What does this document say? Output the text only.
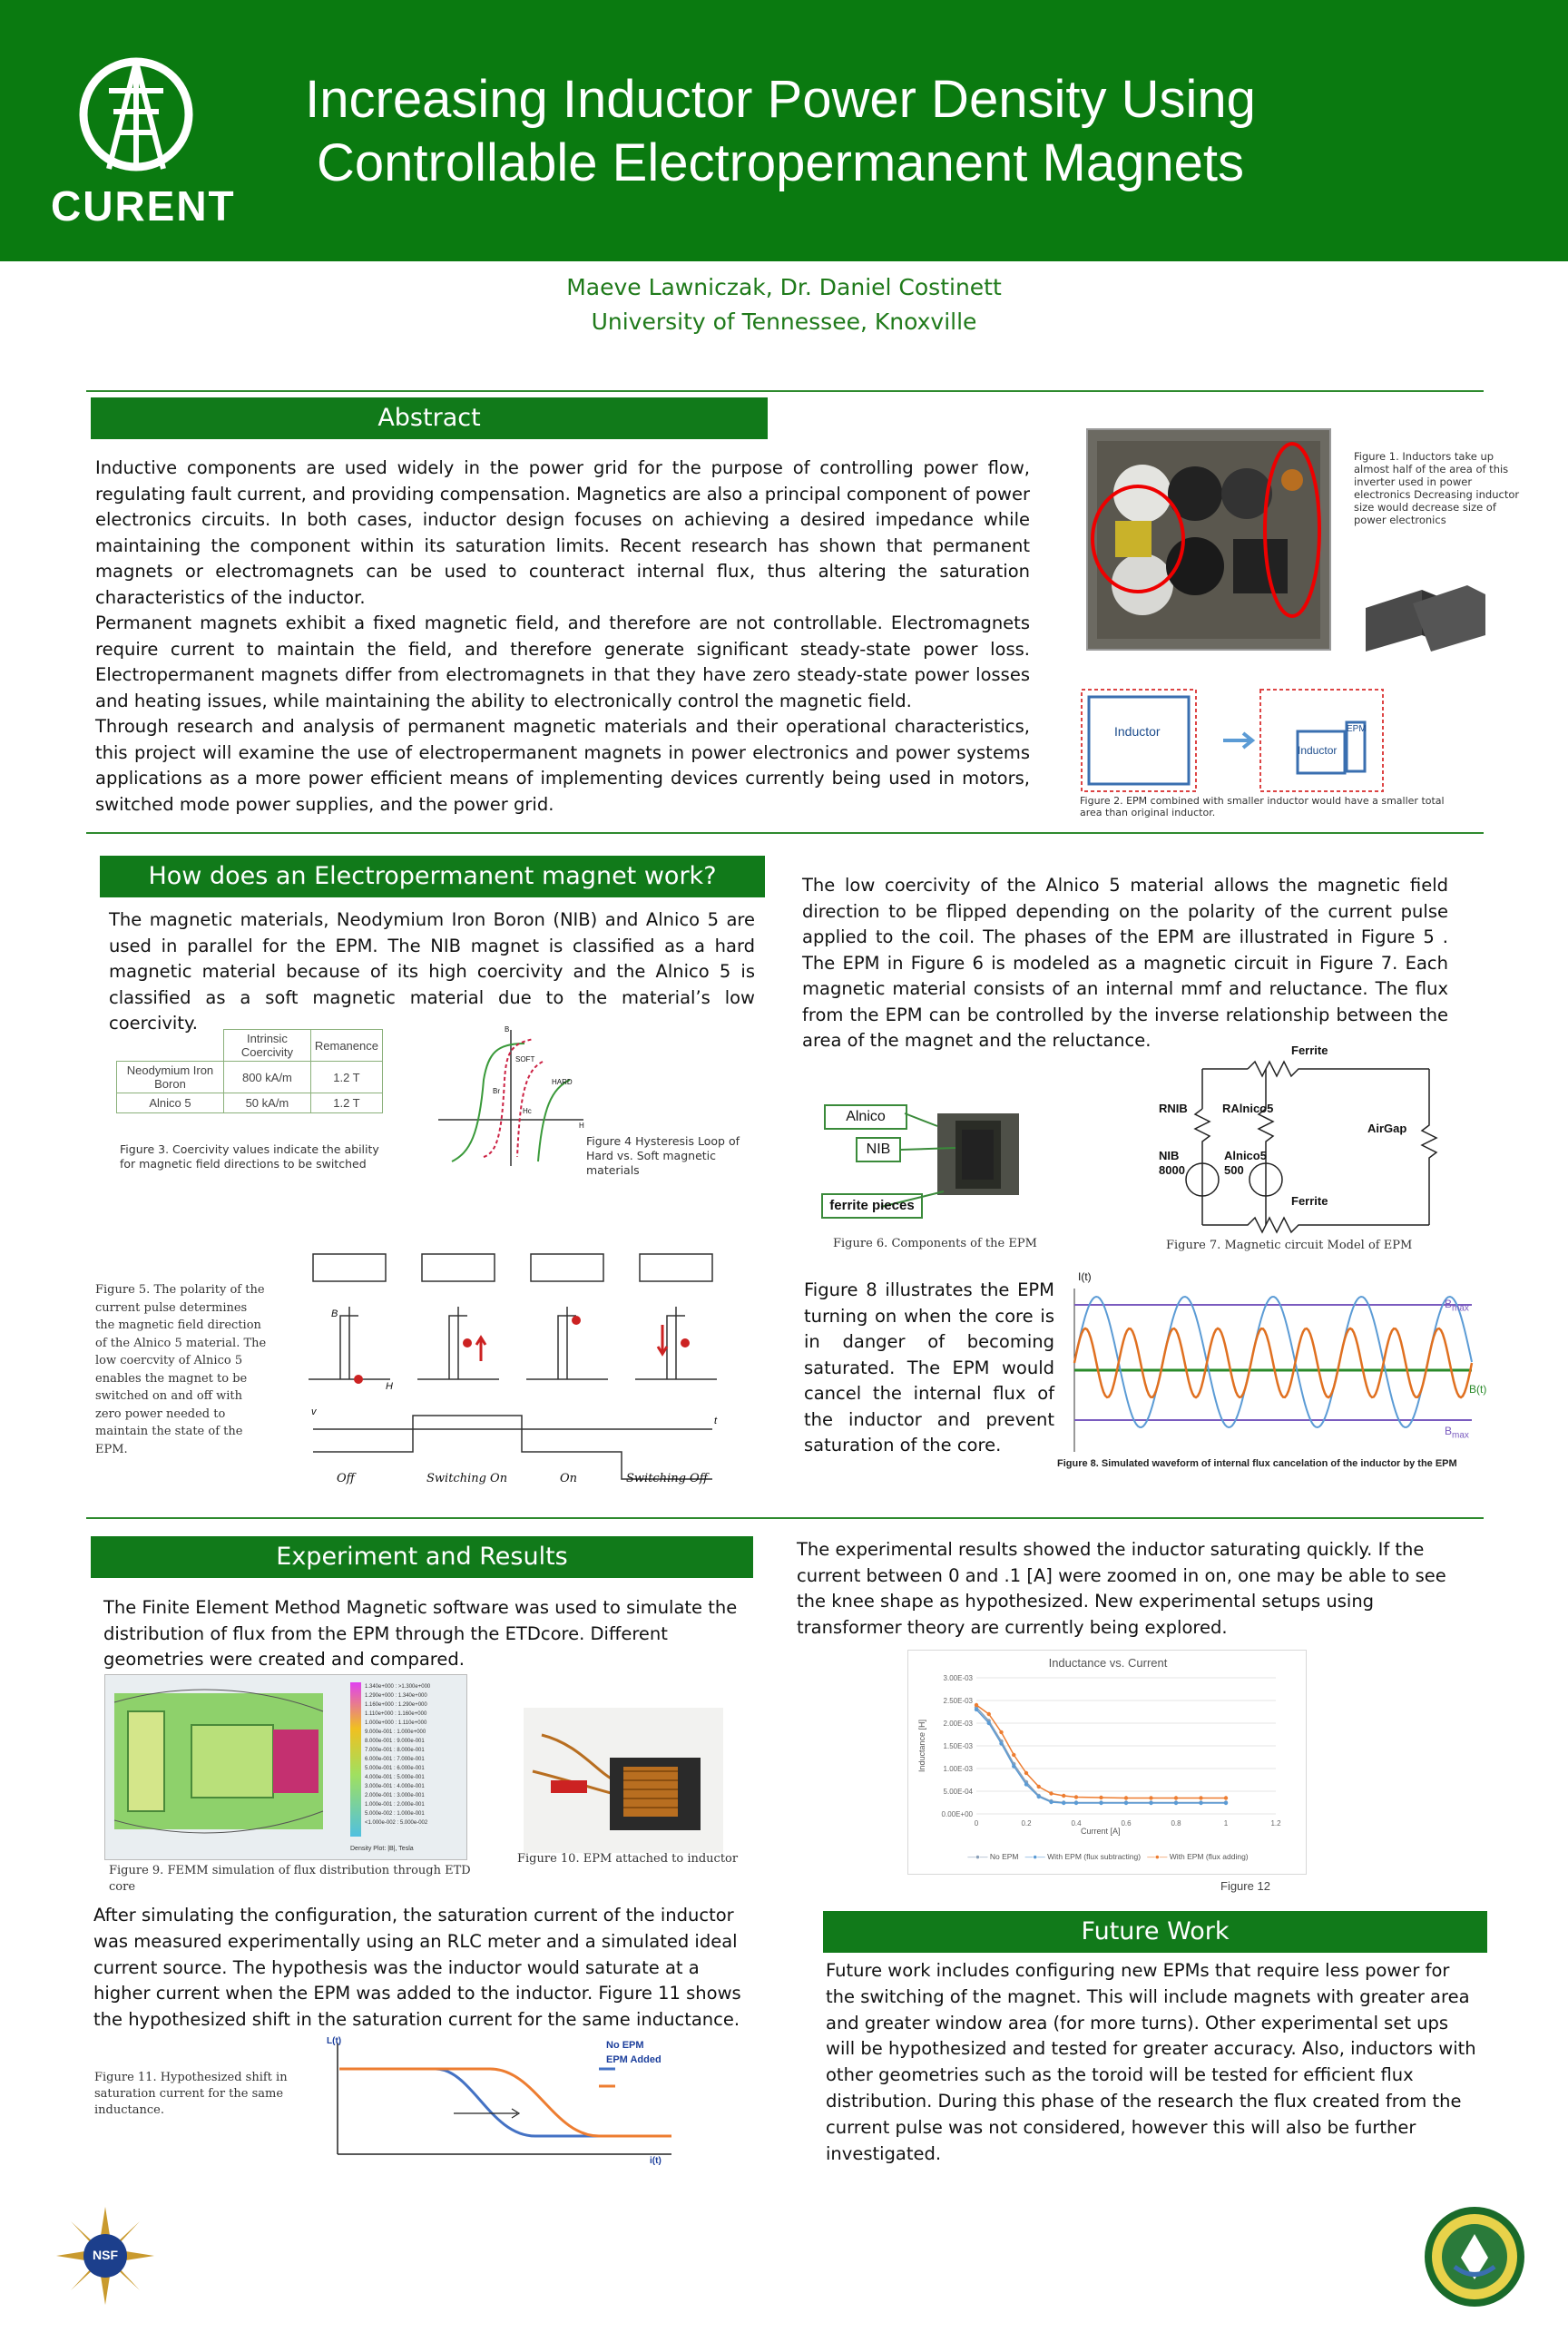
CURENT
Increasing Inductor Power Density Using
Controllable Electropermanent Magnets
Maeve Lawniczak, Dr. Daniel Costinett
University of Tennessee, Knoxville
Abstract
Inductive components are used widely in the power grid for the purpose of controlling power flow, regulating fault current, and providing compensation. Magnetics are also a principal component of power electronics circuits. In both cases, inductor design focuses on achieving a desired impedance while maintaining the component within its saturation limits. Recent research has shown that permanent magnets or electromagnets can be used to counteract internal flux, thus altering the saturation characteristics of the inductor.
Permanent magnets exhibit a fixed magnetic field, and therefore are not controllable. Electromagnets require current to maintain the field, and therefore generate significant steady-state power loss. Electropermanent magnets differ from electromagnets in that they have zero steady-state power losses and heating issues, while maintaining the ability to electronically control the magnetic field.
Through research and analysis of permanent magnetic materials and their operational characteristics, this project will examine the use of electropermanent magnets in power electronics and power systems applications as a more power efficient means of implementing devices currently being used in motors, switched mode power supplies, and the power grid.
Figure 1. Inductors take up almost half of the area of this inverter used in power electronics Decreasing inductor size would decrease size of power electronics
Inductor
Inductor
EPM
Figure 2. EPM combined with smaller inductor would have a smaller total area than original inductor.
How does an Electropermanent magnet work?
The magnetic materials, Neodymium Iron Boron (NIB) and Alnico 5 are used in parallel for the EPM. The NIB magnet is classified as a hard magnetic material because of its high coercivity and the Alnico 5 is classified as a soft magnetic material due to the material’s low coercivity.
	Intrinsic Coercivity	Remanence
Neodymium Iron Boron	800 kA/m	1.2 T
Alnico 5	50 kA/m	1.2 T
Figure 3. Coercivity values indicate the ability for magnetic field directions to be switched
SOFT
HARD
B
H
Br
Hc
Figure 4 Hysteresis Loop of Hard vs. Soft magnetic materials
The low coercivity of the Alnico 5 material allows the magnetic field direction to be flipped depending on the polarity of the current pulse applied to the coil. The phases of the EPM are illustrated in Figure 5 . The EPM in Figure 6 is modeled as a magnetic circuit in Figure 7. Each magnetic material consists of an internal mmf and reluctance. The flux from the EPM can be controlled by the inverse relationship between the area of the magnet and the reluctance.
Alnico
NIB
ferrite pieces
Figure 6. Components of the EPM
Ferrite
RNIB	RAlnico5
AirGap
NIB
8000
Alnico5
500
Ferrite
Figure 7. Magnetic circuit Model of EPM
Figure 5. The polarity of the current pulse determines the magnetic field direction of the Alnico 5 material. The low coercvity of Alnico 5 enables the magnet to be switched on and off with zero power needed to maintain the state of the EPM.
Off	Switching On	On	Switching Off
B
H
v
t
Figure 8 illustrates the EPM turning on when the core is in danger of becoming saturated. The EPM would cancel the internal flux of the inductor and prevent saturation of the core.
I(t)
$B_{max}$
B(t)
$B_{max}$
Figure 8. Simulated waveform of internal flux cancelation of the inductor by the EPM
Experiment and Results
The Finite Element Method Magnetic software was used to simulate the distribution of flux from the EPM through the ETDcore. Different geometries were created and compared.
1.340e+000 : >1.300e+000
1.290e+000 : 1.340e+000
1.160e+000 : 1.290e+000
1.110e+000 : 1.160e+000
1.000e+000 : 1.110e+000
9.000e-001 : 1.000e+000
8.000e-001 : 9.000e-001
7.000e-001 : 8.000e-001
6.000e-001 : 7.000e-001
5.000e-001 : 6.000e-001
4.000e-001 : 5.000e-001
3.000e-001 : 4.000e-001
2.000e-001 : 3.000e-001
1.000e-001 : 2.000e-001
5.000e-002 : 1.000e-001
<1.000e-002 : 5.000e-002
Density Plot: |B|, Tesla
Figure 9. FEMM simulation of flux distribution through ETD core
Figure 10. EPM attached to inductor
After simulating the configuration, the saturation current of the inductor was measured experimentally using an RLC meter and a simulated ideal current source. The hypothesis was the inductor would saturate at a higher current when the EPM was added to the inductor. Figure 11 shows the hypothesized shift in the saturation current for the same inductance.
Figure 11. Hypothesized shift in saturation current for the same inductance.
L(t)
i(t)
No EPM
EPM Added
The experimental results showed the inductor saturating quickly. If the current between 0 and .1 [A] were zoomed in on, one may be able to see the knee shape as hypothesized. New experimental setups using transformer theory are currently being explored.
0.00E+00
5.00E-04
1.00E-03
1.50E-03
2.00E-03
2.50E-03
3.00E-03
0	0.2	0.4	0.6	0.8	1	1.2
Inductance vs. Current
Inductance [H]
Current [A]
—●— No EPM —●— With EPM (flux subtracting) —●— With EPM (flux adding)
Figure 12
Future Work
Future work includes configuring new EPMs that require less power for the switching of the magnet. This will include magnets with greater area and greater window area (for more turns). Other experimental set ups will be hypothesized and tested for greater accuracy. Also, inductors with other geometries such as the toroid will be tested for efficient flux distribution. During this phase of the research the flux created from the current pulse was not considered, however this will also be further investigated.
NSF
